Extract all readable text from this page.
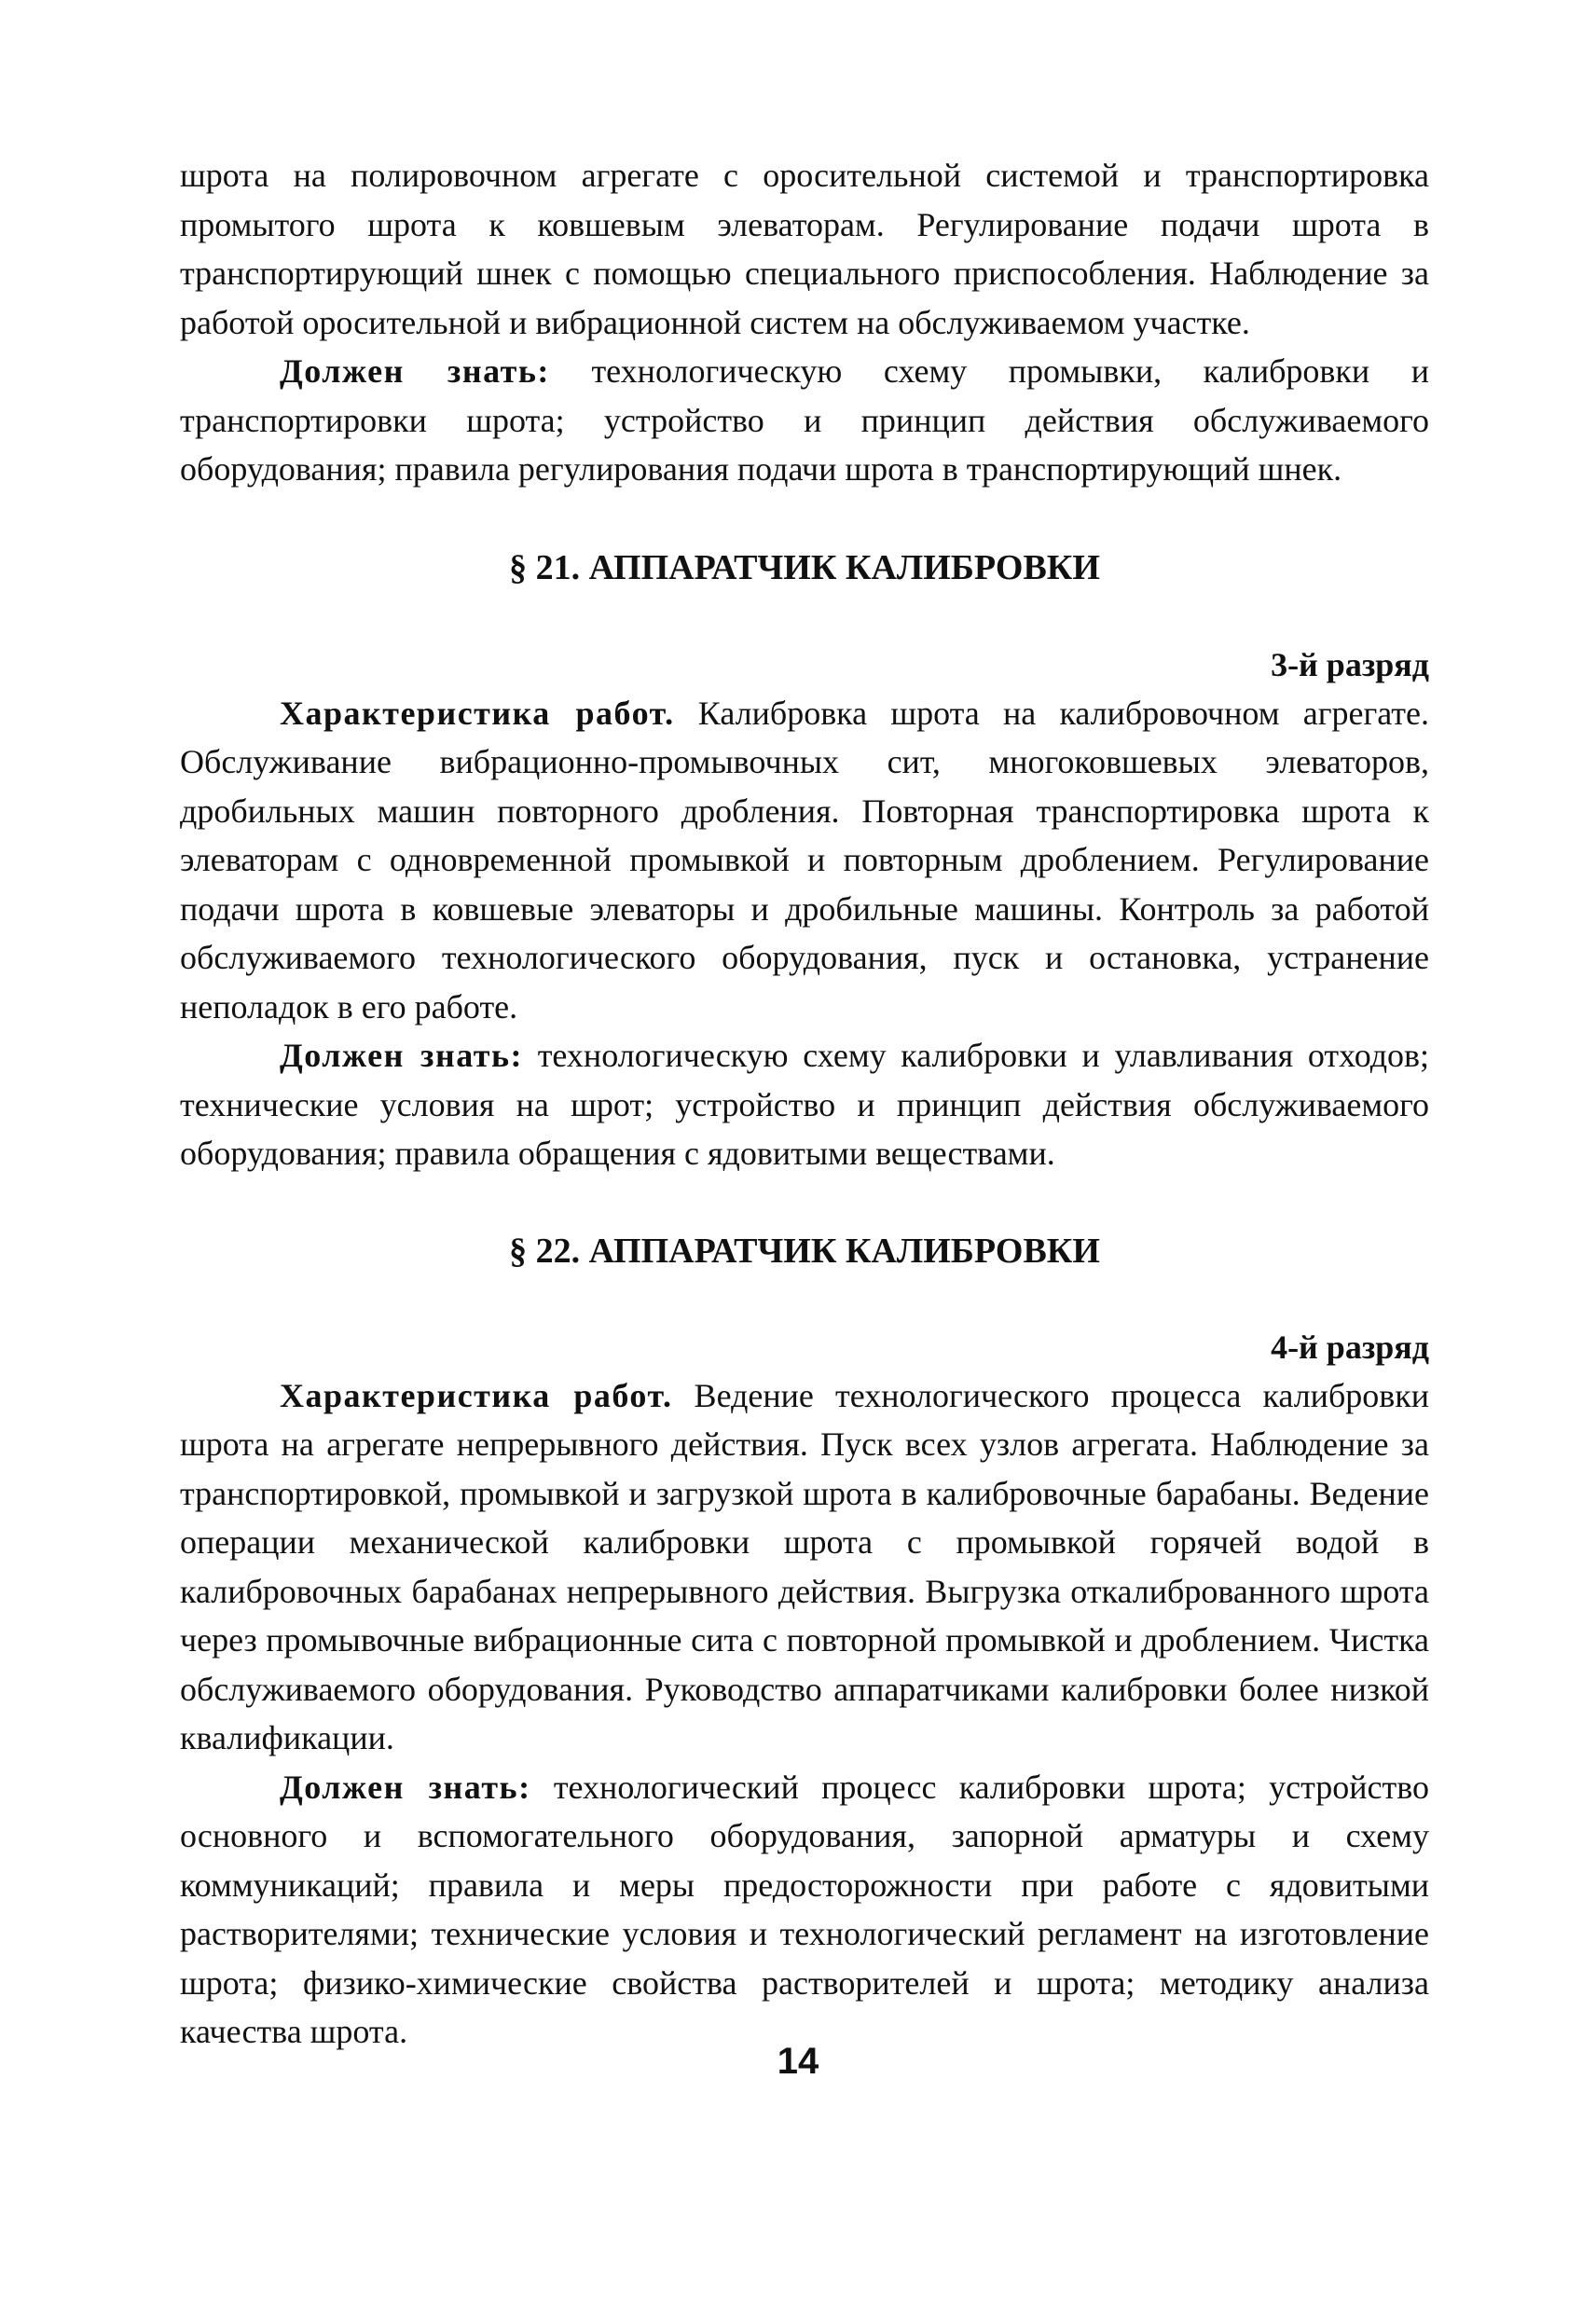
шрота на полировочном агрегате с оросительной системой и транспортировка промытого шрота к ковшевым элеваторам. Регулирование подачи шрота в транспортирующий шнек с помощью специального приспособления. Наблюдение за работой оросительной и вибрационной систем на обслуживаемом участке.

Должен знать: технологическую схему промывки, калибровки и транспортировки шрота; устройство и принцип действия обслуживаемого оборудования; правила регулирования подачи шрота в транспортирующий шнек.

§ 21. АППАРАТЧИК КАЛИБРОВКИ

3-й разряд

Характеристика работ. Калибровка шрота на калибровочном агрегате. Обслуживание вибрационно-промывочных сит, многоковшевых элеваторов, дробильных машин повторного дробления. Повторная транспортировка шрота к элеваторам с одновременной промывкой и повторным дроблением. Регулирование подачи шрота в ковшевые элеваторы и дробильные машины. Контроль за работой обслуживаемого технологического оборудования, пуск и остановка, устранение неполадок в его работе.

Должен знать: технологическую схему калибровки и улавливания отходов; технические условия на шрот; устройство и принцип действия обслуживаемого оборудования; правила обращения с ядовитыми веществами.

§ 22. АППАРАТЧИК КАЛИБРОВКИ

4-й разряд

Характеристика работ. Ведение технологического процесса калибровки шрота на агрегате непрерывного действия. Пуск всех узлов агрегата. Наблюдение за транспортировкой, промывкой и загрузкой шрота в калибровочные барабаны. Ведение операции механической калибровки шрота с промывкой горячей водой в калибровочных барабанах непрерывного действия. Выгрузка откалиброванного шрота через промывочные вибрационные сита с повторной промывкой и дроблением. Чистка обслуживаемого оборудования. Руководство аппаратчиками калибровки более низкой квалификации.

Должен знать: технологический процесс калибровки шрота; устройство основного и вспомогательного оборудования, запорной арматуры и схему коммуникаций; правила и меры предосторожности при работе с ядовитыми растворителями; технические условия и технологический регламент на изготовление шрота; физико-химические свойства растворителей и шрота; методику анализа качества шрота.

14
